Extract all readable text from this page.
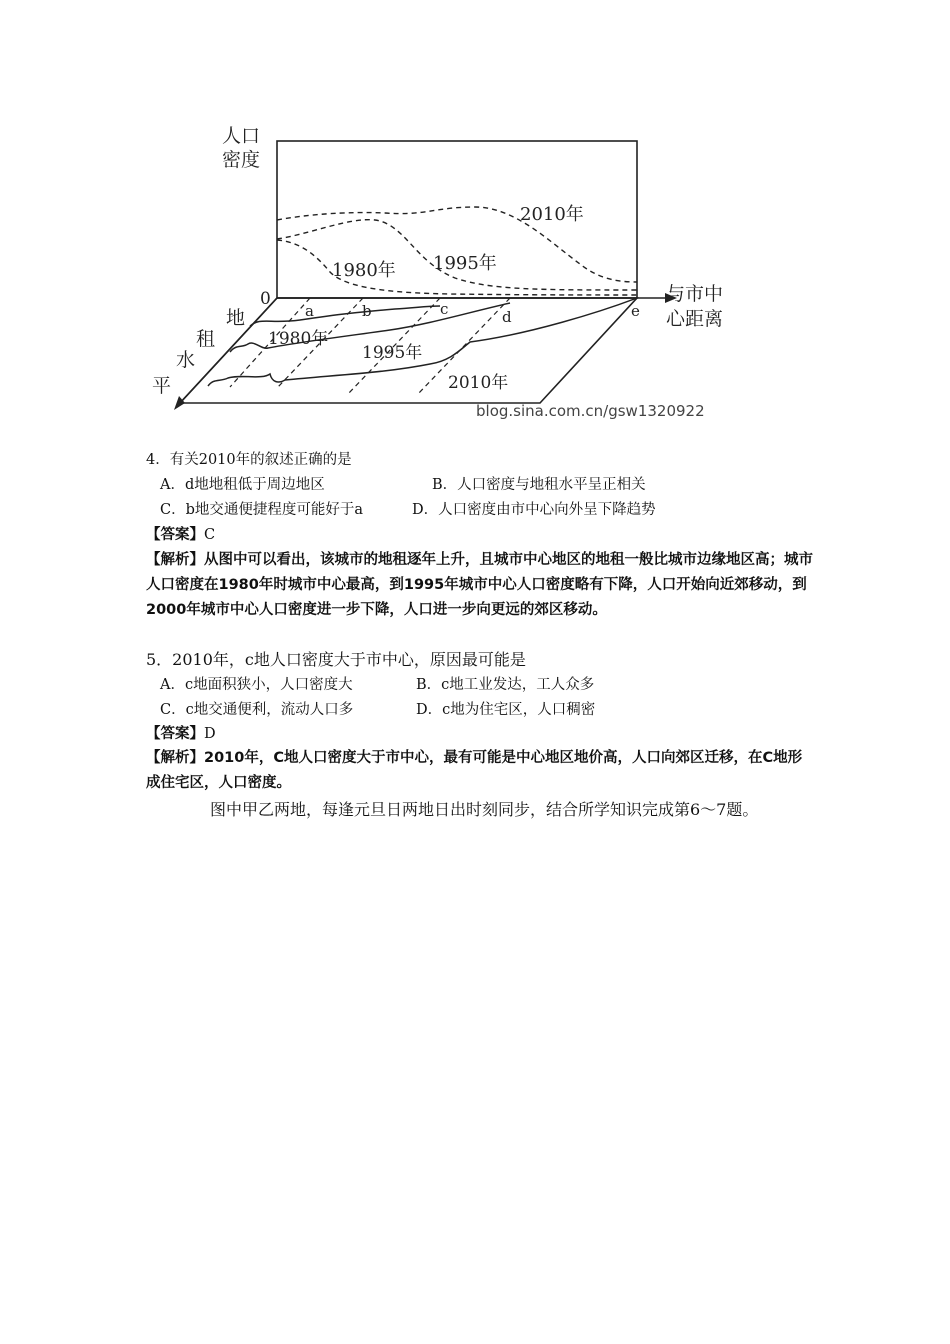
人口
密度
0	与市中
心距离
地
租
水
平
2010年
1995年
1980年
1980年
1995年
2010年
a	b	c	d	e
blog.sina.com.cn/gsw1320922
4．有关2010年的叙述正确的是
A．d地地租低于周边地区	B．人口密度与地租水平呈正相关
C．b地交通便捷程度可能好于a	D．人口密度由市中心向外呈下降趋势
【答案】C
【解析】从图中可以看出，该城市的地租逐年上升，且城市中心地区的地租一般比城市边缘地区高；城市人口密度在1980年时城市中心最高，到1995年城市中心人口密度略有下降，人口开始向近郊移动，到2000年城市中心人口密度进一步下降，人口进一步向更远的郊区移动。
5．2010年，c地人口密度大于市中心，原因最可能是
A．c地面积狭小，人口密度大	B．c地工业发达，工人众多
C．c地交通便利，流动人口多	D．c地为住宅区，人口稠密
【答案】D
【解析】2010年，C地人口密度大于市中心，最有可能是中心地区地价高，人口向郊区迁移，在C地形成住宅区，人口密度。
图中甲乙两地，每逢元旦日两地日出时刻同步，结合所学知识完成第6～7题。
